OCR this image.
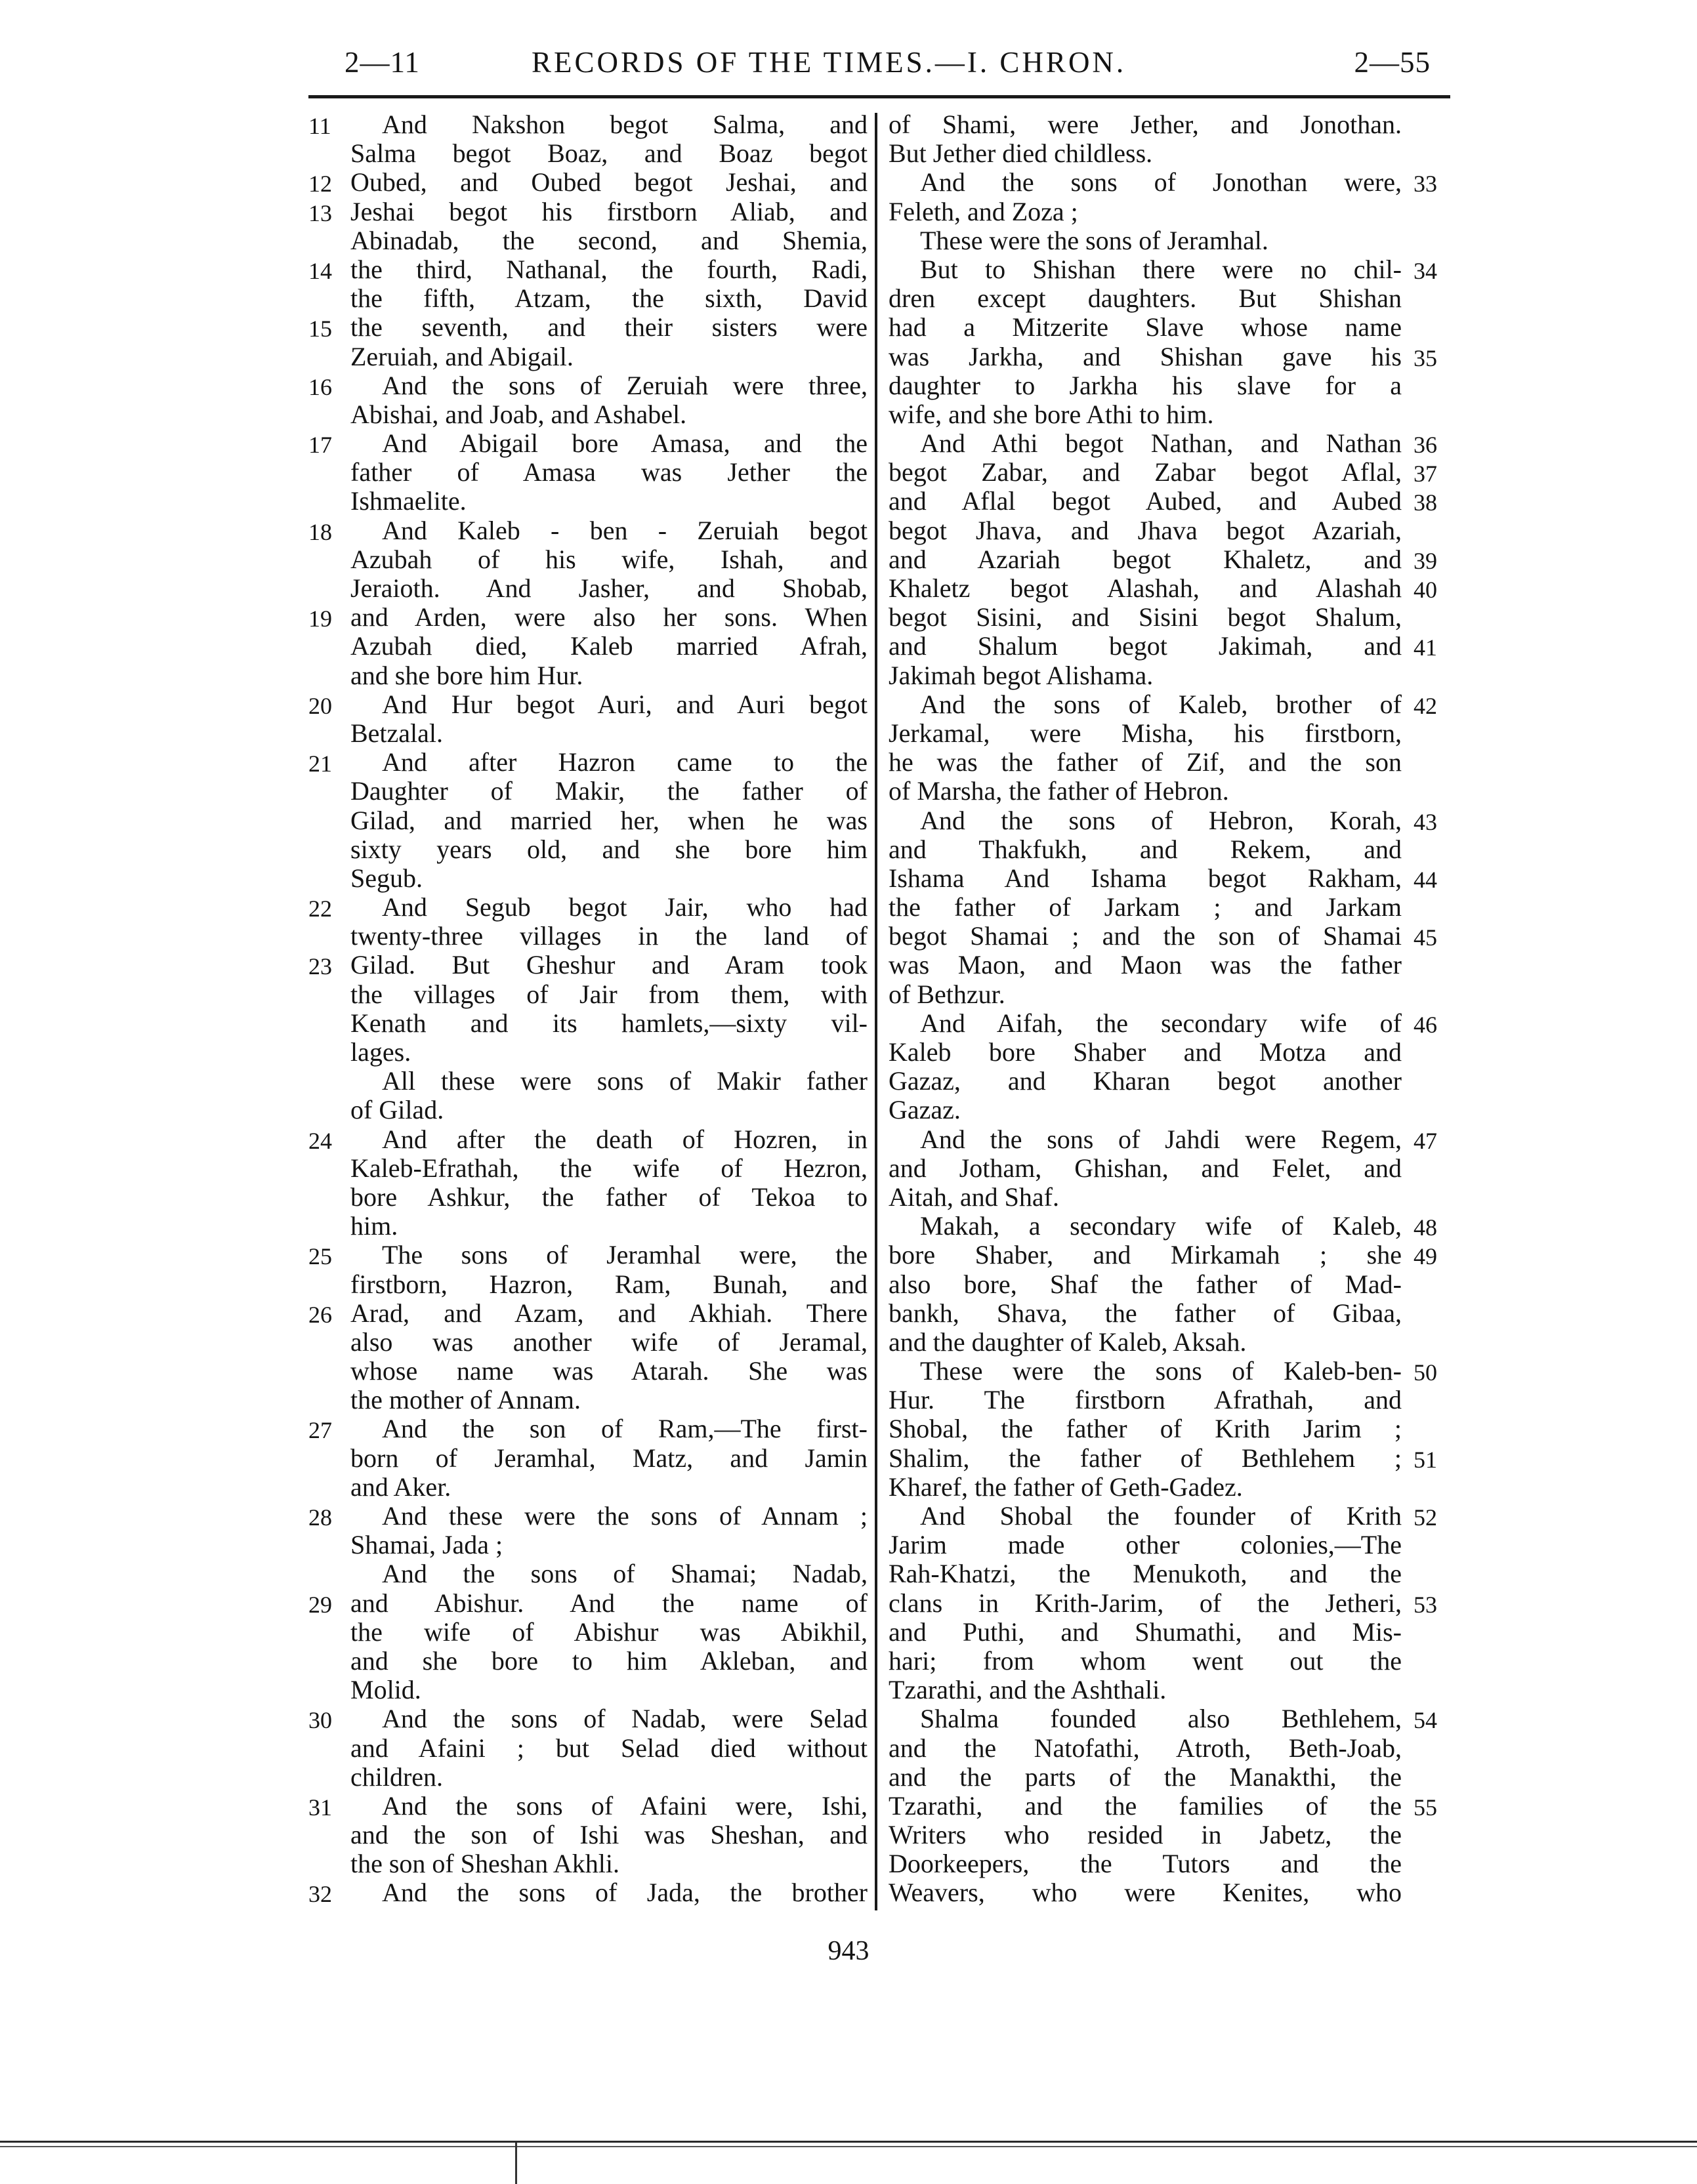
2—11	RECORDS OF THE TIMES.—I. CHRON.	2—55
11	And Nakshon begot Salma, and
Salma begot Boaz, and Boaz begot
12 Oubed, and Oubed begot Jeshai, and
13 Jeshai begot his firstborn Aliab, and
Abinadab, the second, and Shemia,
14 the third, Nathanal, the fourth, Radi,
the fifth, Atzam, the sixth, David
15 the seventh, and their sisters were
Zeruiah, and Abigail.
16	And the sons of Zeruiah were three,
Abishai, and Joab, and Ashabel.
17	And Abigail bore Amasa, and the
father of Amasa was Jether the
Ishmaelite.
18	And Kaleb - ben - Zeruiah begot
Azubah of his wife, Ishah, and
Jeraioth. And Jasher, and Shobab,
19 and Arden, were also her sons. When
Azubah died, Kaleb married Afrah,
and she bore him Hur.
20	And Hur begot Auri, and Auri begot
Betzalal.
21	And after Hazron came to the
Daughter of Makir, the father of
Gilad, and married her, when he was
sixty years old, and she bore him
Segub.
22	And Segub begot Jair, who had
twenty-three villages in the land of
23 Gilad. But Gheshur and Aram took
the villages of Jair from them, with
Kenath and its hamlets,—sixty vil-
lages.
All these were sons of Makir father
of Gilad.
24	And after the death of Hozren, in
Kaleb-Efrathah, the wife of Hezron,
bore Ashkur, the father of Tekoa to
him.
25	The sons of Jeramhal were, the
firstborn, Hazron, Ram, Bunah, and
26 Arad, and Azam, and Akhiah. There
also was another wife of Jeramal,
whose name was Atarah. She was
the mother of Annam.
27	And the son of Ram,—The first-
born of Jeramhal, Matz, and Jamin
and Aker.
28	And these were the sons of Annam ;
Shamai, Jada ;
And the sons of Shamai; Nadab,
29 and Abishur. And the name of
the wife of Abishur was Abikhil,
and she bore to him Akleban, and
Molid.
30	And the sons of Nadab, were Selad
and Afaini ; but Selad died without
children.
31	And the sons of Afaini were, Ishi,
and the son of Ishi was Sheshan, and
the son of Sheshan Akhli.
32	And the sons of Jada, the brother
of Shami, were Jether, and Jonothan.
But Jether died childless.
33
And the sons of Jonothan were,
Feleth, and Zoza ;
These were the sons of Jeramhal.
34
But to Shishan there were no chil-
dren except daughters. But Shishan
had a Mitzerite Slave whose name
35
was Jarkha, and Shishan gave his
daughter to Jarkha his slave for a
wife, and she bore Athi to him.
36
And Athi begot Nathan, and Nathan
37
begot Zabar, and Zabar begot Aflal,
38
and Aflal begot Aubed, and Aubed
begot Jhava, and Jhava begot Azariah,
39
and Azariah begot Khaletz, and
40
Khaletz begot Alashah, and Alashah
begot Sisini, and Sisini begot Shalum,
41
and Shalum begot Jakimah, and
Jakimah begot Alishama.
42
And the sons of Kaleb, brother of
Jerkamal, were Misha, his firstborn,
he was the father of Zif, and the son
of Marsha, the father of Hebron.
43
And the sons of Hebron, Korah,
and Thakfukh, and Rekem, and
44
Ishama And Ishama begot Rakham,
the father of Jarkam ; and Jarkam
45
begot Shamai ; and the son of Shamai
was Maon, and Maon was the father
of Bethzur.
46
And Aifah, the secondary wife of
Kaleb bore Shaber and Motza and
Gazaz, and Kharan begot another
Gazaz.
47
And the sons of Jahdi were Regem,
and Jotham, Ghishan, and Felet, and
Aitah, and Shaf.
48
Makah, a secondary wife of Kaleb,
49
bore Shaber, and Mirkamah ; she
also bore, Shaf the father of Mad-
bankh, Shava, the father of Gibaa,
and the daughter of Kaleb, Aksah.
50
These were the sons of Kaleb-ben-
Hur. The firstborn Afrathah, and
Shobal, the father of Krith Jarim ;
51
Shalim, the father of Bethlehem ;
Kharef, the father of Geth-Gadez.
52
And Shobal the founder of Krith
Jarim made other colonies,—The
Rah-Khatzi, the Menukoth, and the
53
clans in Krith-Jarim, of the Jetheri,
and Puthi, and Shumathi, and Mis-
hari; from whom went out the
Tzarathi, and the Ashthali.
54
Shalma founded also Bethlehem,
and the Natofathi, Atroth, Beth-Joab,
and the parts of the Manakthi, the
55
Tzarathi, and the families of the
Writers who resided in Jabetz, the
Doorkeepers, the Tutors and the
Weavers, who were Kenites, who
943
